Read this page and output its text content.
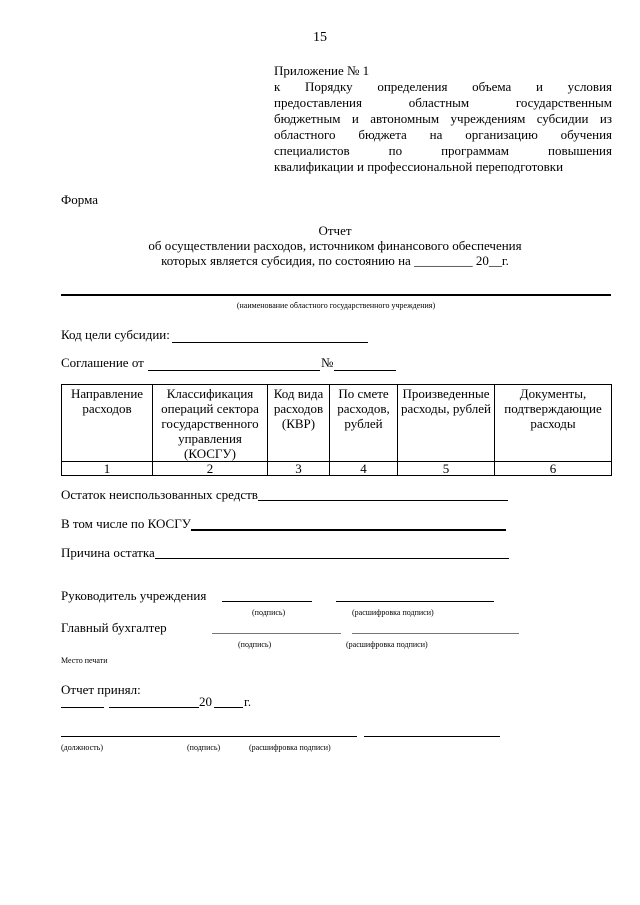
15
Приложение № 1
к Порядку определения объема и условия
предоставления областным государственным
бюджетным и автономным учреждениям субсидии из
областного бюджета на организацию обучения
специалистов по программам повышения
квалификации и профессиональной переподготовки
Форма
Отчет
об осуществлении расходов, источником финансового обеспечения
которых является субсидия, по состоянию на _________ 20__г.
(наименование областного государственного учреждения)
Код цели субсидии:
Соглашение от	№
Направление расходов	Классификация операций сектора государственного управления (КОСГУ)	Код вида расходов (КВР)	По смете расходов, рублей	Произведенные расходы, рублей	Документы, подтверждающие расходы
1	2	3	4	5	6
Остаток неиспользованных средств
В том числе по КОСГУ
Причина остатка
Руководитель учреждения
(подпись)	(расшифровка подписи)
Главный бухгалтер
(подпись)	(расшифровка подписи)
Место печати
Отчет принял:
20 г.
(должность)	(подпись)	(расшифровка подписи)
